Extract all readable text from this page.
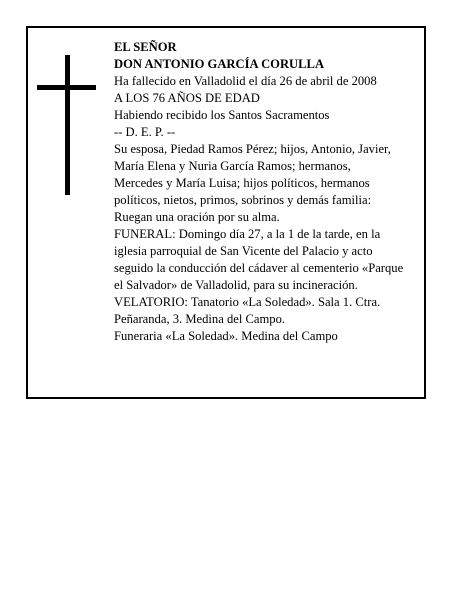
EL SEÑOR
DON ANTONIO GARCÍA CORULLA
Ha fallecido en Valladolid el día 26 de abril de 2008
A LOS 76 AÑOS DE EDAD
Habiendo recibido los Santos Sacramentos
-- D. E. P. --
Su esposa, Piedad Ramos Pérez; hijos, Antonio, Javier,
María Elena y Nuria García Ramos; hermanos,
Mercedes y María Luisa; hijos políticos, hermanos
políticos, nietos, primos, sobrinos y demás familia:
Ruegan una oración por su alma.
FUNERAL: Domingo día 27, a la 1 de la tarde, en la
iglesia parroquial de San Vicente del Palacio y acto
seguido la conducción del cádaver al cementerio «Parque
el Salvador» de Valladolid, para su incineración.
VELATORIO: Tanatorio «La Soledad». Sala 1. Ctra.
Peñaranda, 3. Medina del Campo.
Funeraria «La Soledad». Medina del Campo
